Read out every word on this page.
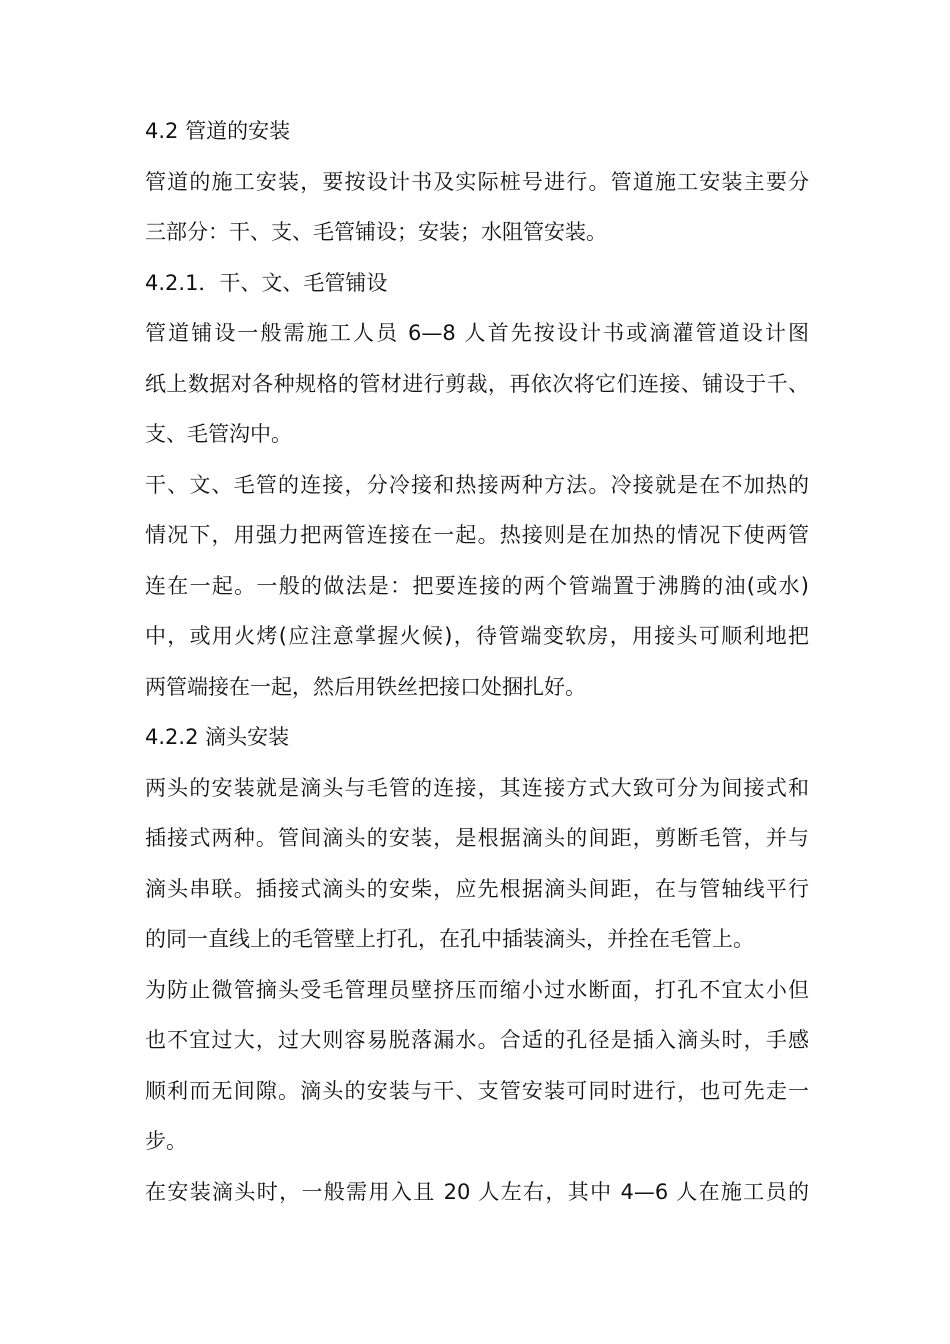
4.2 管道的安装
管道的施工安装，要按设计书及实际桩号进行。管道施工安装主要分
三部分：干、支、毛管铺设；安装；水阻管安装。
4.2.1．干、文、毛管铺设
管道铺设一般需施工人员 6—8 人首先按设计书或滴灌管道设计图
纸上数据对各种规格的管材进行剪裁，再依次将它们连接、铺设于千、
支、毛管沟中。
干、文、毛管的连接，分冷接和热接两种方法。冷接就是在不加热的
情况下，用强力把两管连接在一起。热接则是在加热的情况下使两管
连在一起。一般的做法是：把要连接的两个管端置于沸腾的油(或水)
中，或用火烤(应注意掌握火候)，待管端变软房，用接头可顺利地把
两管端接在一起，然后用铁丝把接口处捆扎好。
4.2.2 滴头安装
两头的安装就是滴头与毛管的连接，其连接方式大致可分为间接式和
插接式两种。管间滴头的安装，是根据滴头的间距，剪断毛管，并与
滴头串联。插接式滴头的安柴，应先根据滴头间距，在与管轴线平行
的同一直线上的毛管壁上打孔，在孔中插装滴头，并拴在毛管上。
为防止微管摘头受毛管理员壁挤压而缩小过水断面，打孔不宜太小但
也不宜过大，过大则容易脱落漏水。合适的孔径是插入滴头时，手感
顺利而无间隙。滴头的安装与干、支管安装可同时进行，也可先走一
步。
在安装滴头时，一般需用入且 20 人左右，其中 4—6 人在施工员的
